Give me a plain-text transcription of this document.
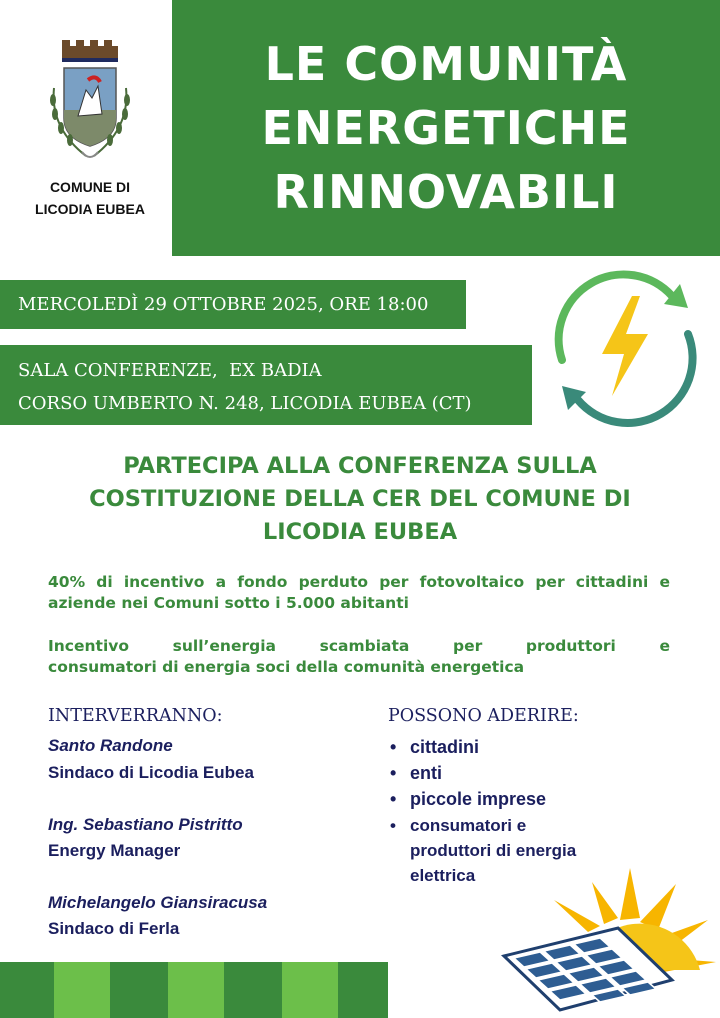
COMUNE DI
LICODIA EUBEA
LE COMUNITÀ
ENERGETICHE
RINNOVABILI
MERCOLEDÌ 29 OTTOBRE 2025, ORE 18:00
SALA CONFERENZE,  EX BADIA
CORSO UMBERTO N. 248, LICODIA EUBEA (CT)
PARTECIPA ALLA CONFERENZA SULLA
COSTITUZIONE DELLA CER DEL COMUNE DI
LICODIA EUBEA
40% di incentivo a fondo perduto per fotovoltaico per cittadini e aziende nei Comuni sotto i 5.000 abitanti
Incentivo	sull’energia	scambiata	per	produttori	e
consumatori di energia soci della comunità energetica
INTERVERRANNO:
Santo Randone
Sindaco di Licodia Eubea
Ing. Sebastiano Pistritto
Energy Manager
Michelangelo Giansiracusa
Sindaco di Ferla
POSSONO ADERIRE:
• cittadini
• enti
• piccole imprese
• consumatori e
produttori di energia
elettrica
